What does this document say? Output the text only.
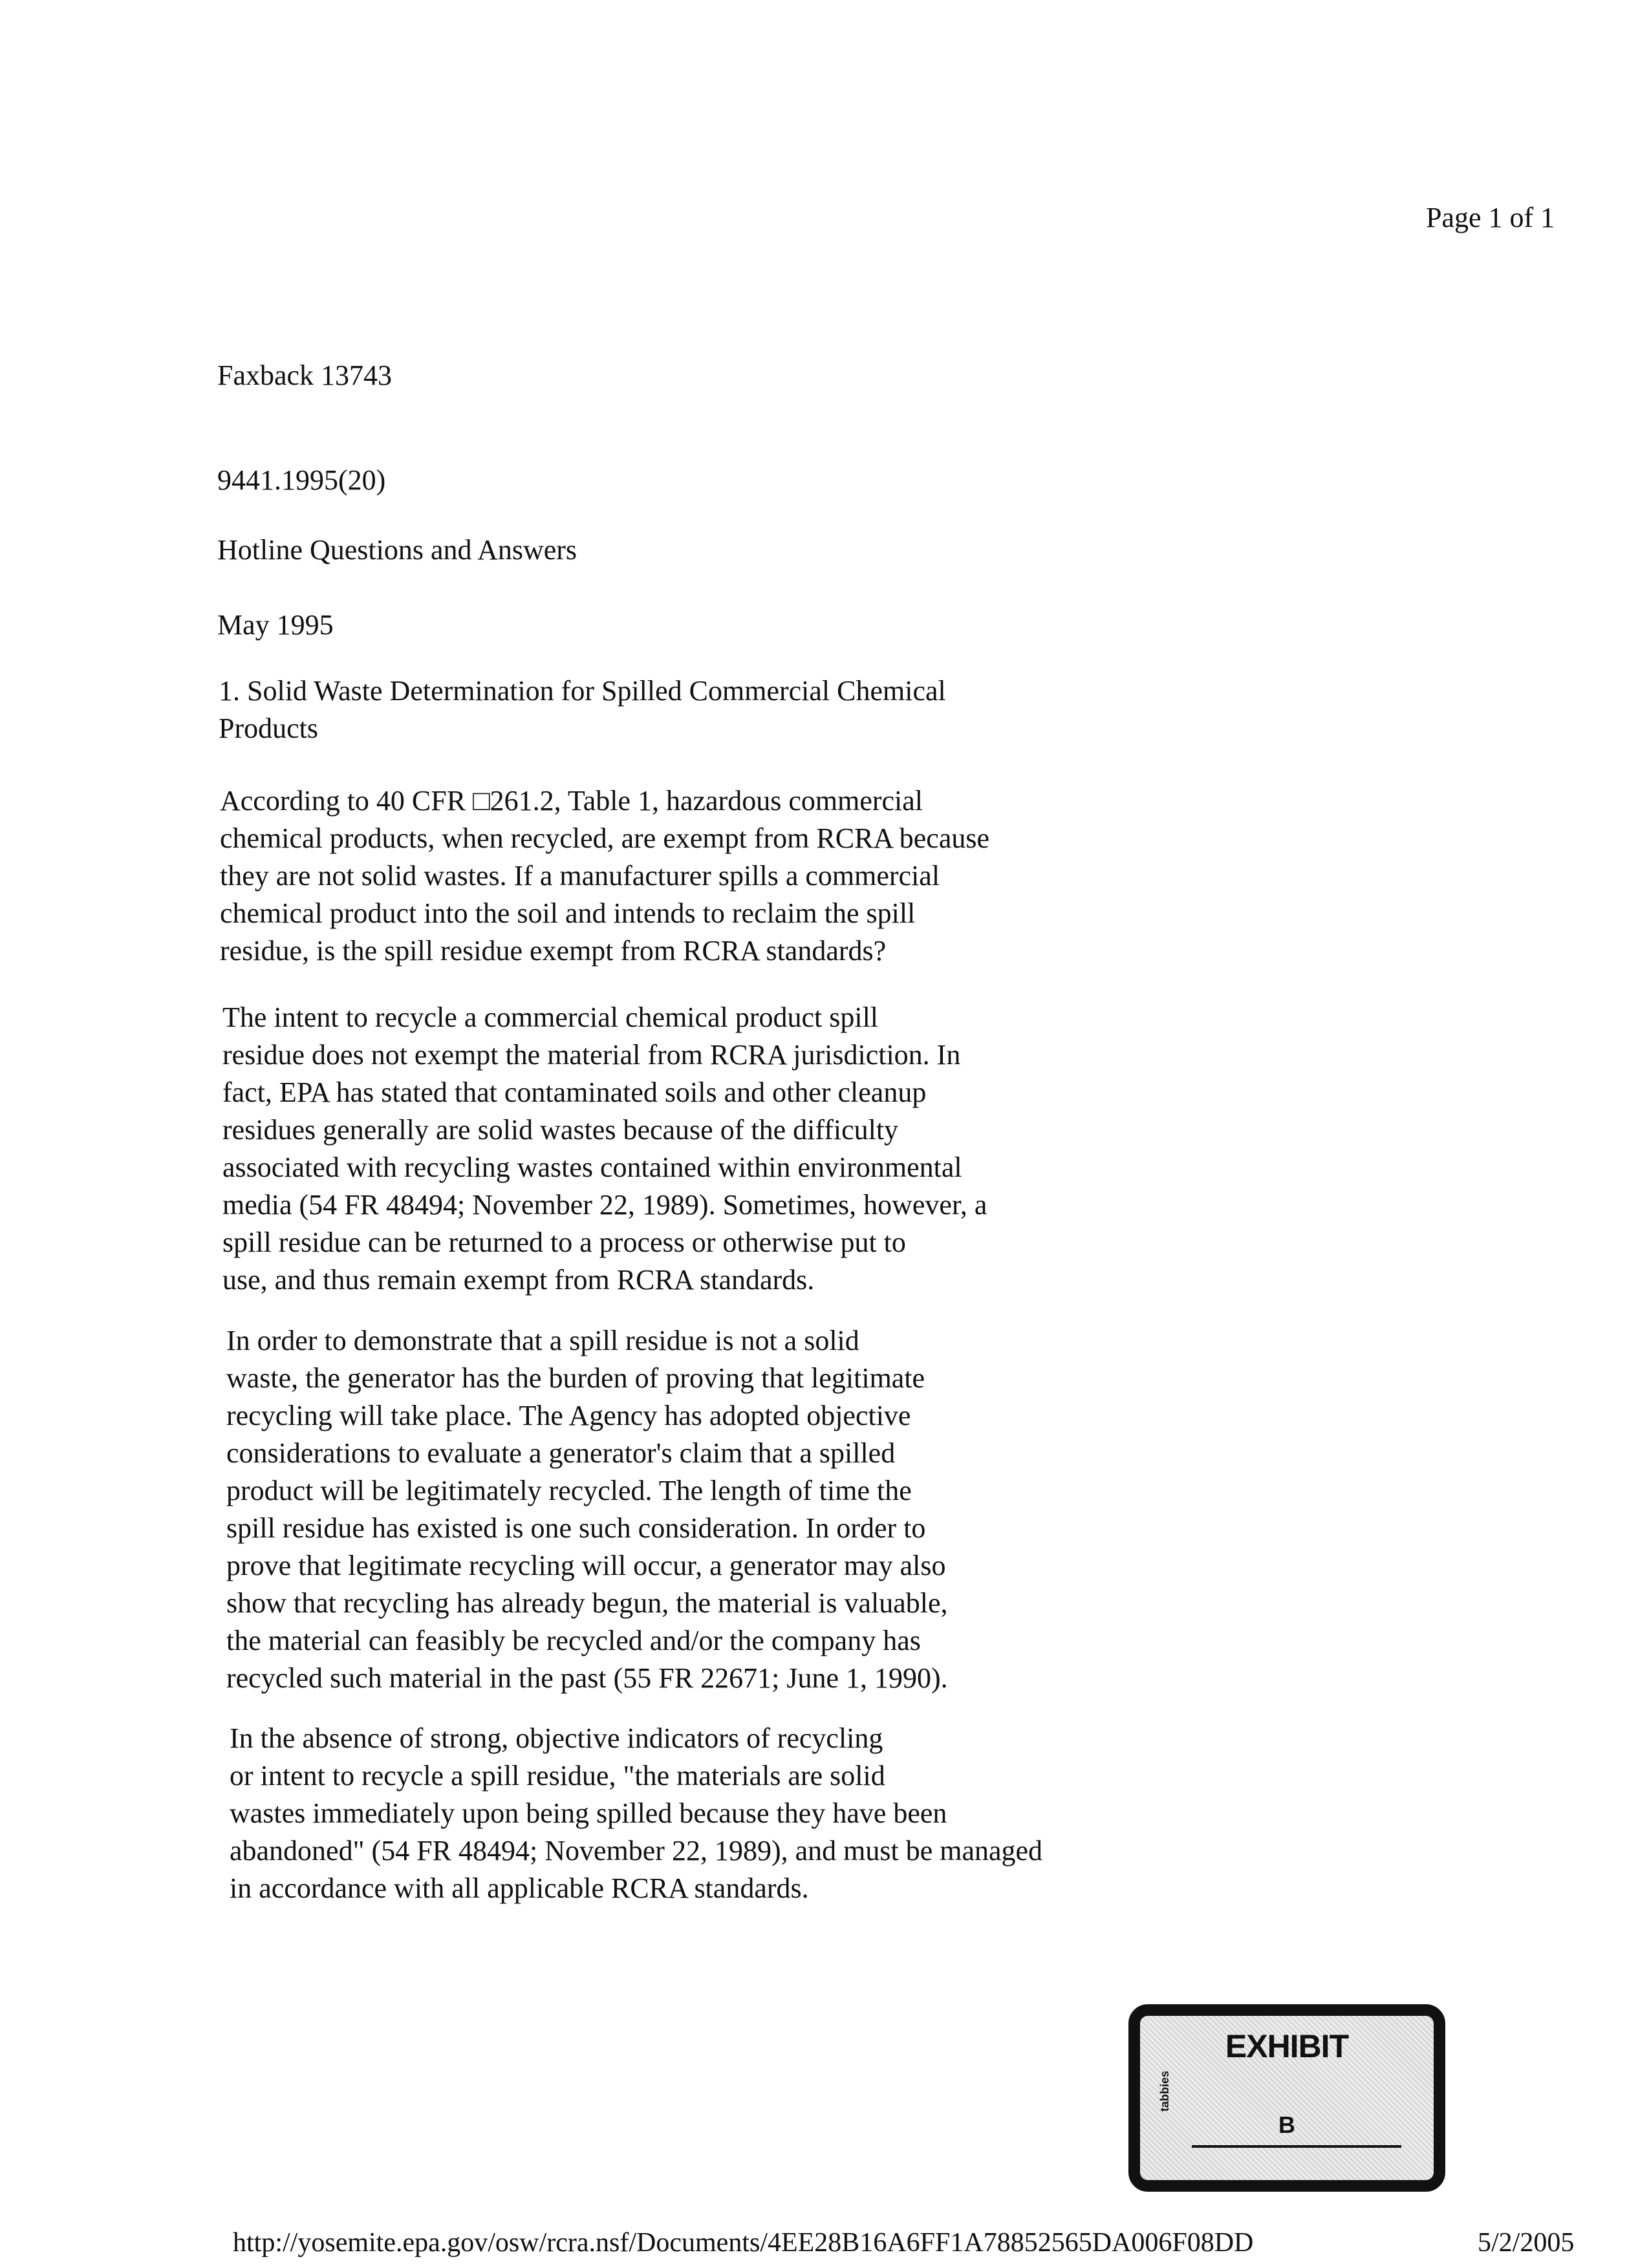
Page 1 of 1
Faxback 13743
9441.1995(20)
Hotline Questions and Answers
May 1995
1. Solid Waste Determination for Spilled Commercial Chemical
Products
According to 40 CFR □261.2, Table 1, hazardous commercial
chemical products, when recycled, are exempt from RCRA because
they are not solid wastes. If a manufacturer spills a commercial
chemical product into the soil and intends to reclaim the spill
residue, is the spill residue exempt from RCRA standards?
The intent to recycle a commercial chemical product spill
residue does not exempt the material from RCRA jurisdiction. In
fact, EPA has stated that contaminated soils and other cleanup
residues generally are solid wastes because of the difficulty
associated with recycling wastes contained within environmental
media (54 FR 48494; November 22, 1989). Sometimes, however, a
spill residue can be returned to a process or otherwise put to
use, and thus remain exempt from RCRA standards.
In order to demonstrate that a spill residue is not a solid
waste, the generator has the burden of proving that legitimate
recycling will take place. The Agency has adopted objective
considerations to evaluate a generator's claim that a spilled
product will be legitimately recycled. The length of time the
spill residue has existed is one such consideration. In order to
prove that legitimate recycling will occur, a generator may also
show that recycling has already begun, the material is valuable,
the material can feasibly be recycled and/or the company has
recycled such material in the past (55 FR 22671; June 1, 1990).
In the absence of strong, objective indicators of recycling
or intent to recycle a spill residue, "the materials are solid
wastes immediately upon being spilled because they have been
abandoned" (54 FR 48494; November 22, 1989), and must be managed
in accordance with all applicable RCRA standards.
EXHIBIT
tabbies
B
http://yosemite.epa.gov/osw/rcra.nsf/Documents/4EE28B16A6FF1A78852565DA006F08DD	5/2/2005
